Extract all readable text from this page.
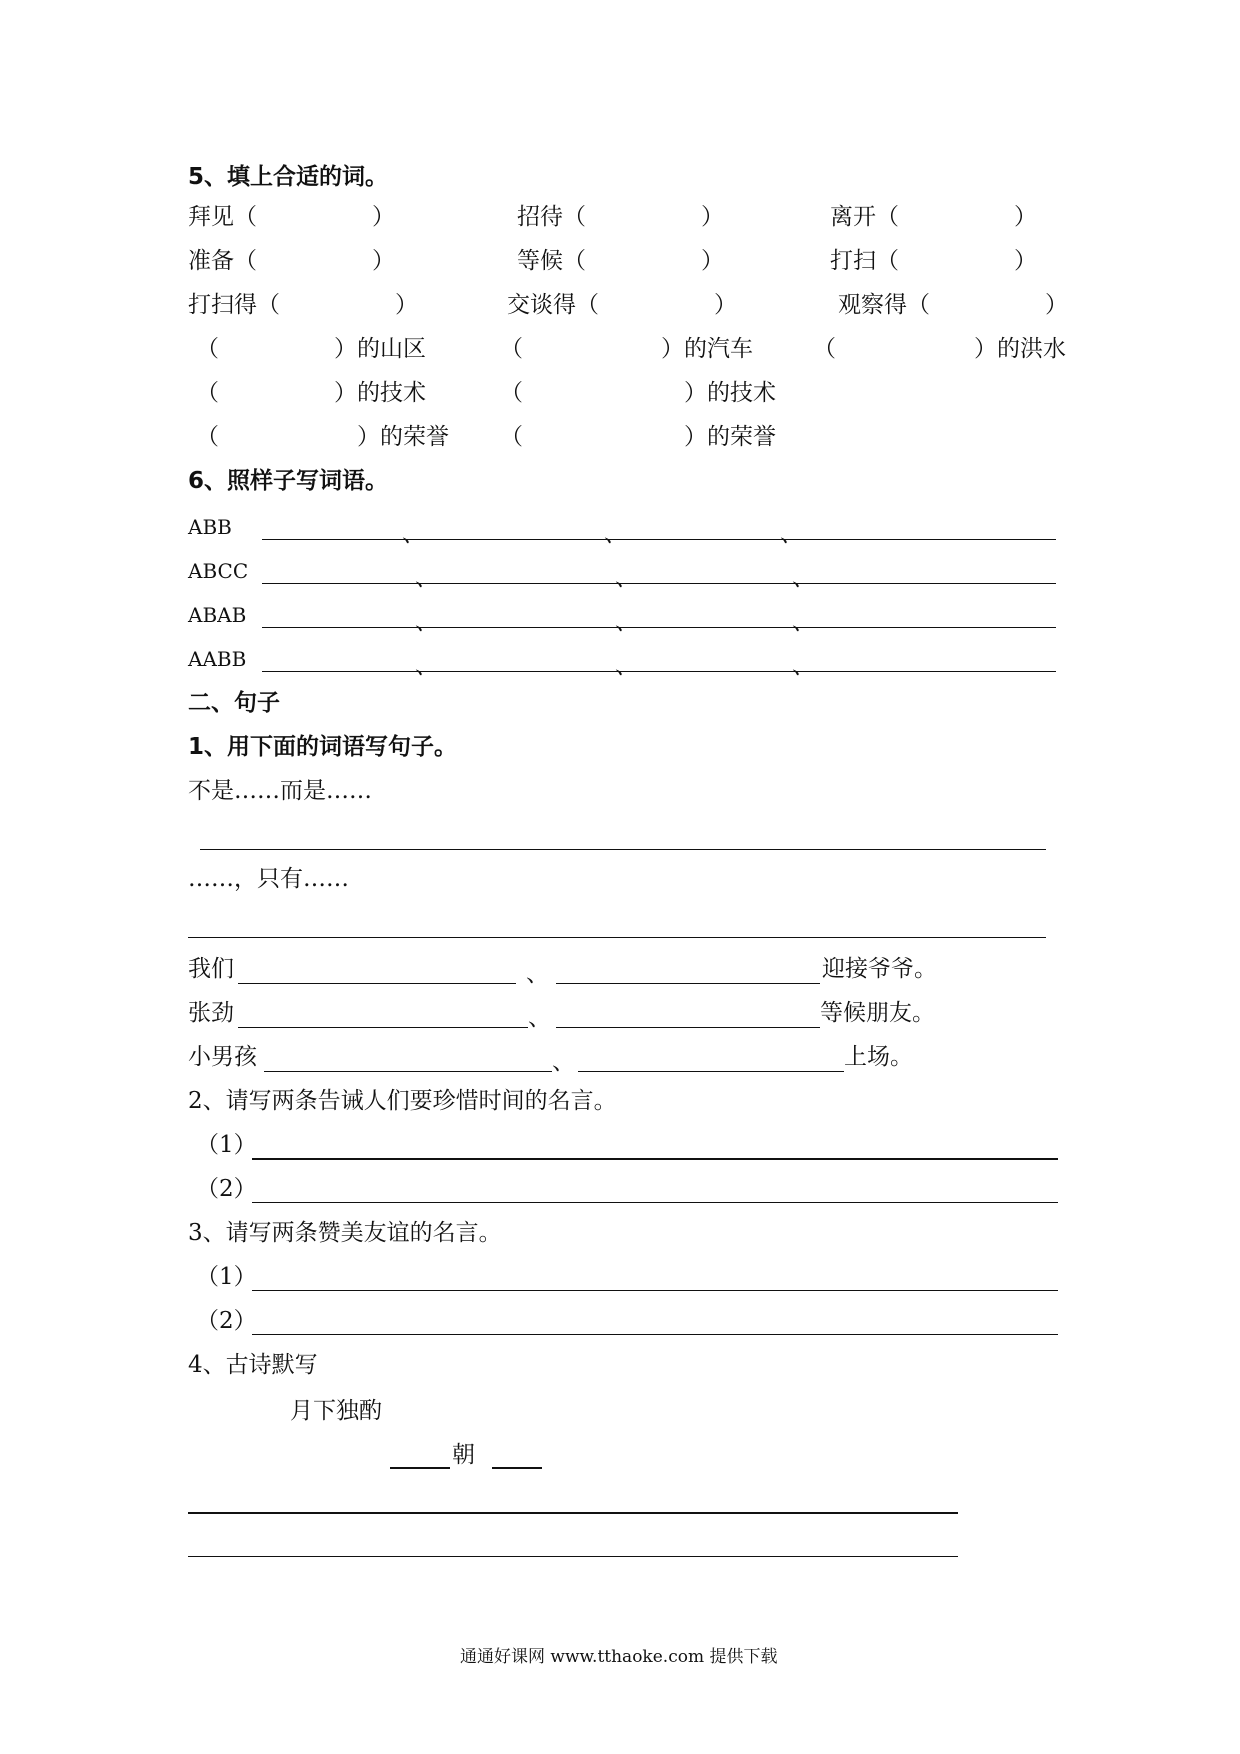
5、填上合适的词。
拜见（　　　　　）	招待（　　　　　）	离开（　　　　　）
准备（　　　　　）	等候（　　　　　）	打扫（　　　　　）
打扫得（　　　　　）	交谈得（　　　　　）	观察得（　　　　　）
（　　　　　）的山区	（　　　　　　）的汽车	（　　　　　　）的洪水
（　　　　　）的技术	（　　　　　　　）的技术
（　　　　　　）的荣誉 （　　　　　　　）的荣誉
6、照样子写词语。
ABB	、	、	、
ABCC	、	、	、
ABAB	、	、	、
AABB	、	、	、
二、句子
1、用下面的词语写句子。
不是……而是……
……，只有……
我们	、	迎接爷爷。
张劲	、	等候朋友。
小男孩	、	上场。
2、请写两条告诫人们要珍惜时间的名言。
（1）
（2）
3、请写两条赞美友谊的名言。
（1）
（2）
4、古诗默写
月下独酌
朝
通通好课网 www.tthaoke.com 提供下载
